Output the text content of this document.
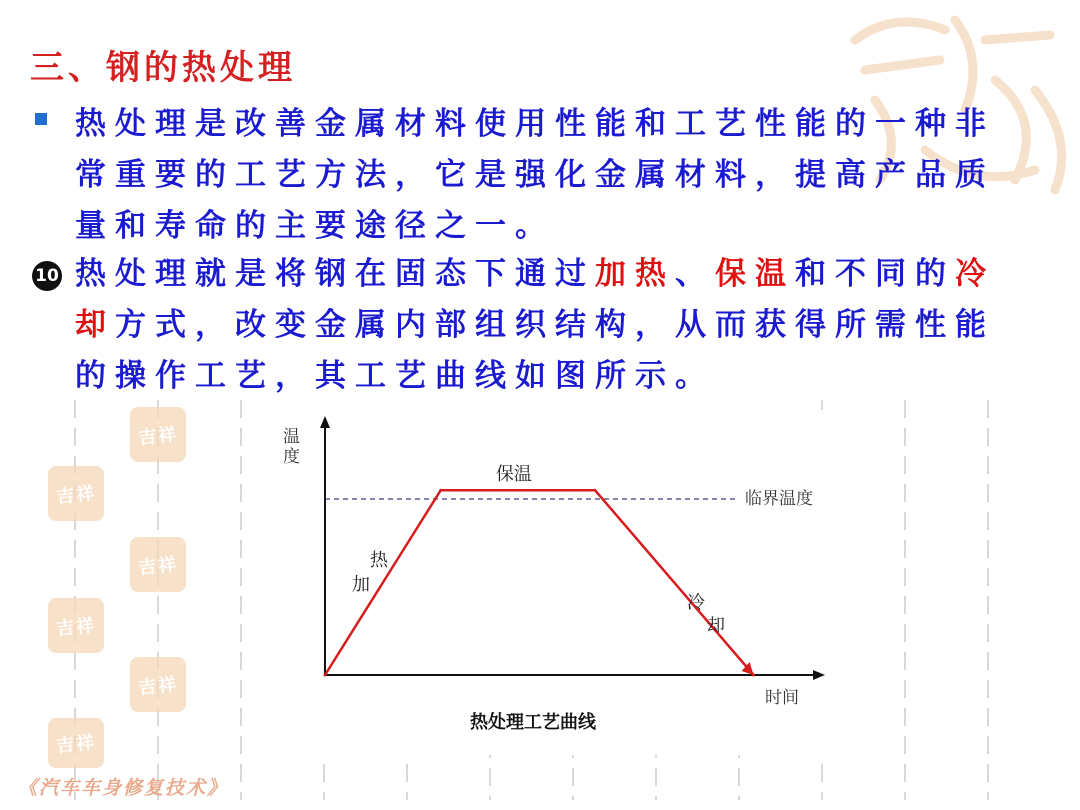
吉祥
吉祥
吉祥
吉祥
吉祥
吉祥
三、钢的热处理
热处理是改善金属材料使用性能和工艺性能的一种非
常重要的工艺方法，它是强化金属材料，提高产品质
量和寿命的主要途径之一。
10 热处理就是将钢在固态下通过加热、保温和不同的冷
却方式，改变金属内部组织结构，从而获得所需性能
的操作工艺，其工艺曲线如图所示。
临界温度
温
度
时间
热
加
保温
冷
却
热处理工艺曲线
《汽车车身修复技术》
